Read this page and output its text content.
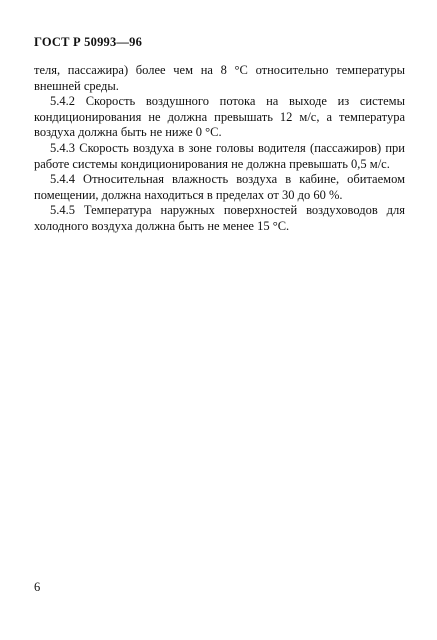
ГОСТ Р 50993—96

теля, пассажира) более чем на 8 °С относительно температуры внешней среды.

5.4.2 Скорость воздушного потока на выходе из системы кондиционирования не должна превышать 12 м/с, а температура воздуха должна быть не ниже 0 °С.

5.4.3 Скорость воздуха в зоне головы водителя (пассажиров) при работе системы кондиционирования не должна превышать 0,5 м/с.

5.4.4 Относительная влажность воздуха в кабине, обитаемом помещении, должна находиться в пределах от 30 до 60 %.

5.4.5 Температура наружных поверхностей воздуховодов для холодного воздуха должна быть не менее 15 °С.

6
